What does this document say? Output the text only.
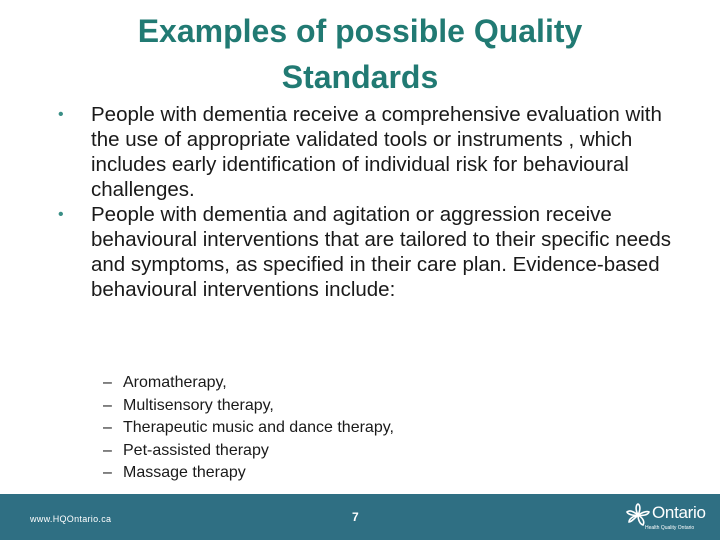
Examples of possible Quality Standards
• People with dementia receive a comprehensive evaluation with the use of appropriate validated tools or instruments , which includes early identification of individual risk for behavioural challenges.
• People with dementia and agitation or aggression receive behavioural interventions that are tailored to their specific needs and symptoms, as specified in their care plan. Evidence-based behavioural interventions include:
– Aromatherapy,
– Multisensory therapy,
– Therapeutic music and dance therapy,
– Pet-assisted therapy
– Massage therapy
www.HQOntario.ca	7	Ontario
Health Quality Ontario
